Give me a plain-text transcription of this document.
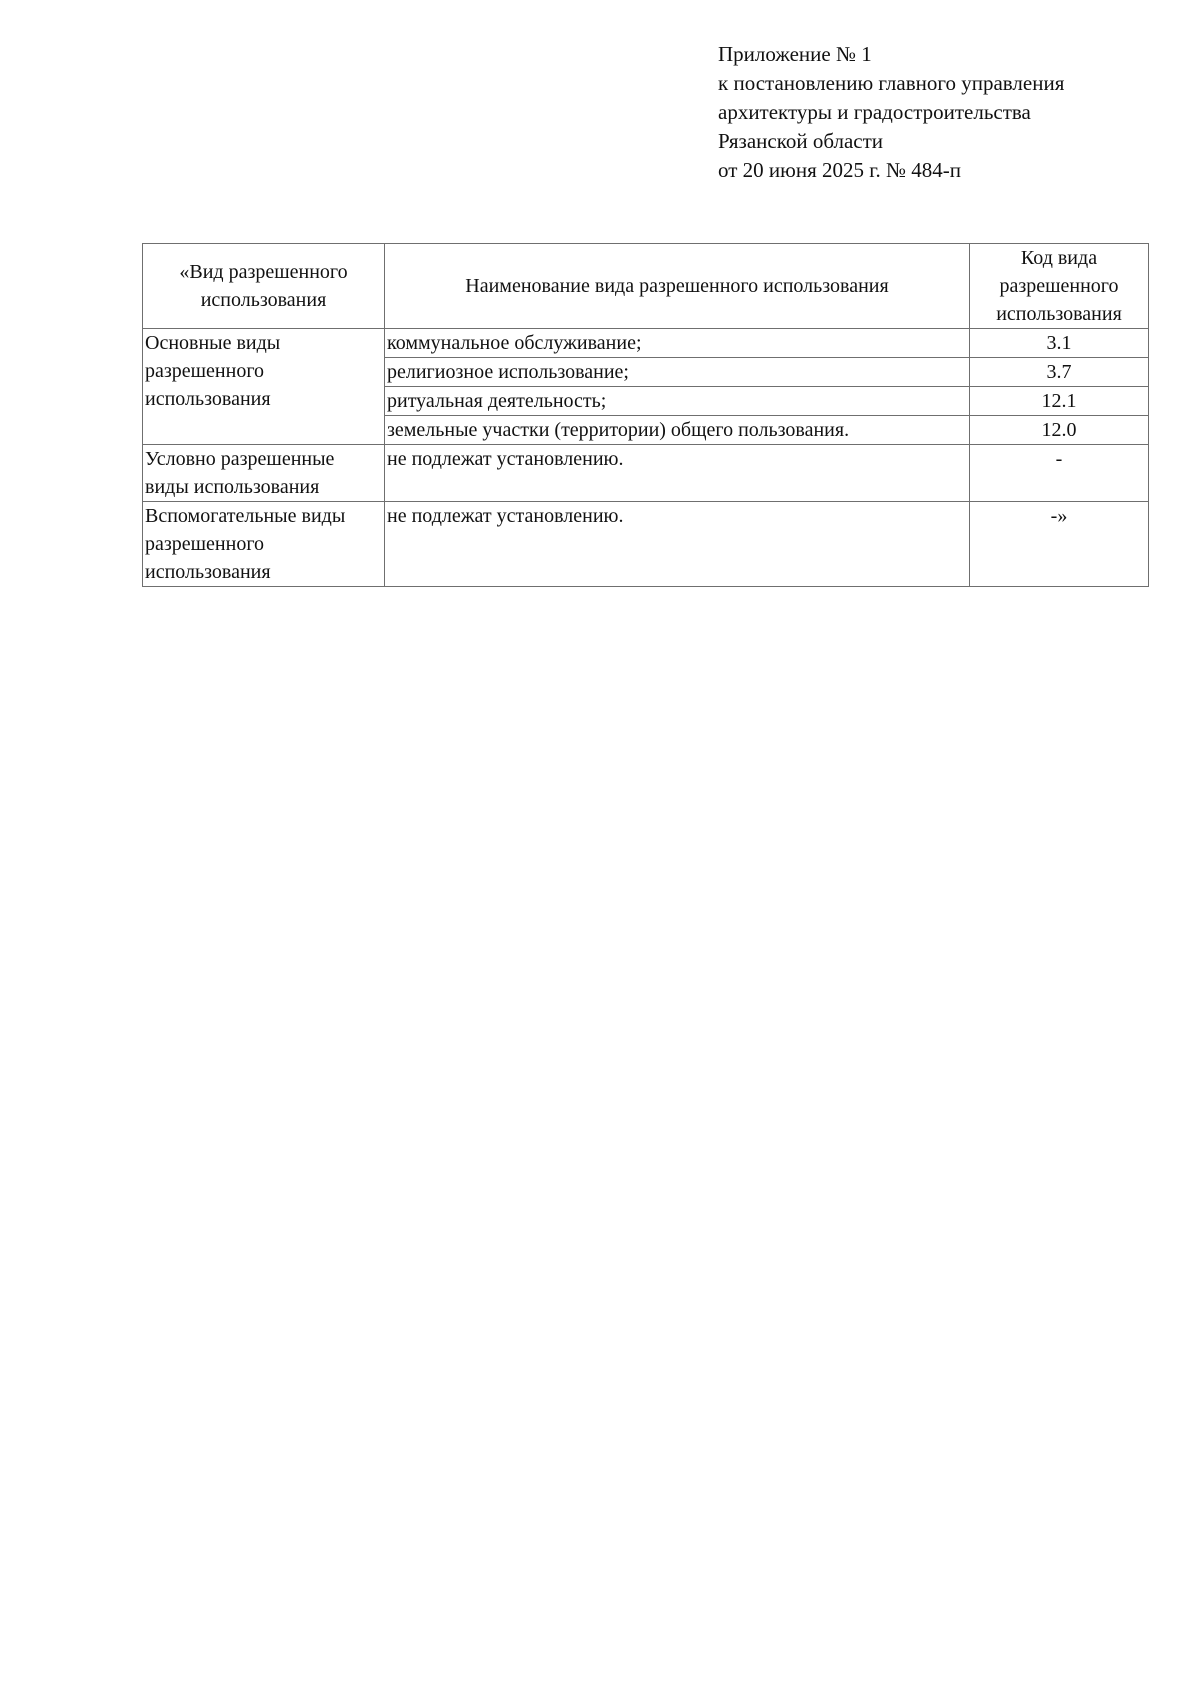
Приложение № 1
к постановлению главного управления
архитектуры и градостроительства
Рязанской области
от 20 июня 2025 г. № 484-п
«Вид разрешенного использования	Наименование вида разрешенного использования	Код вида разрешенного использования
Основные виды разрешенного использования	коммунальное обслуживание;	3.1
	религиозное использование;	3.7
	ритуальная деятельность;	12.1
	земельные участки (территории) общего пользования.	12.0
Условно разрешенные виды использования	не подлежат установлению.	-
Вспомогательные виды разрешенного использования	не подлежат установлению.	-»
